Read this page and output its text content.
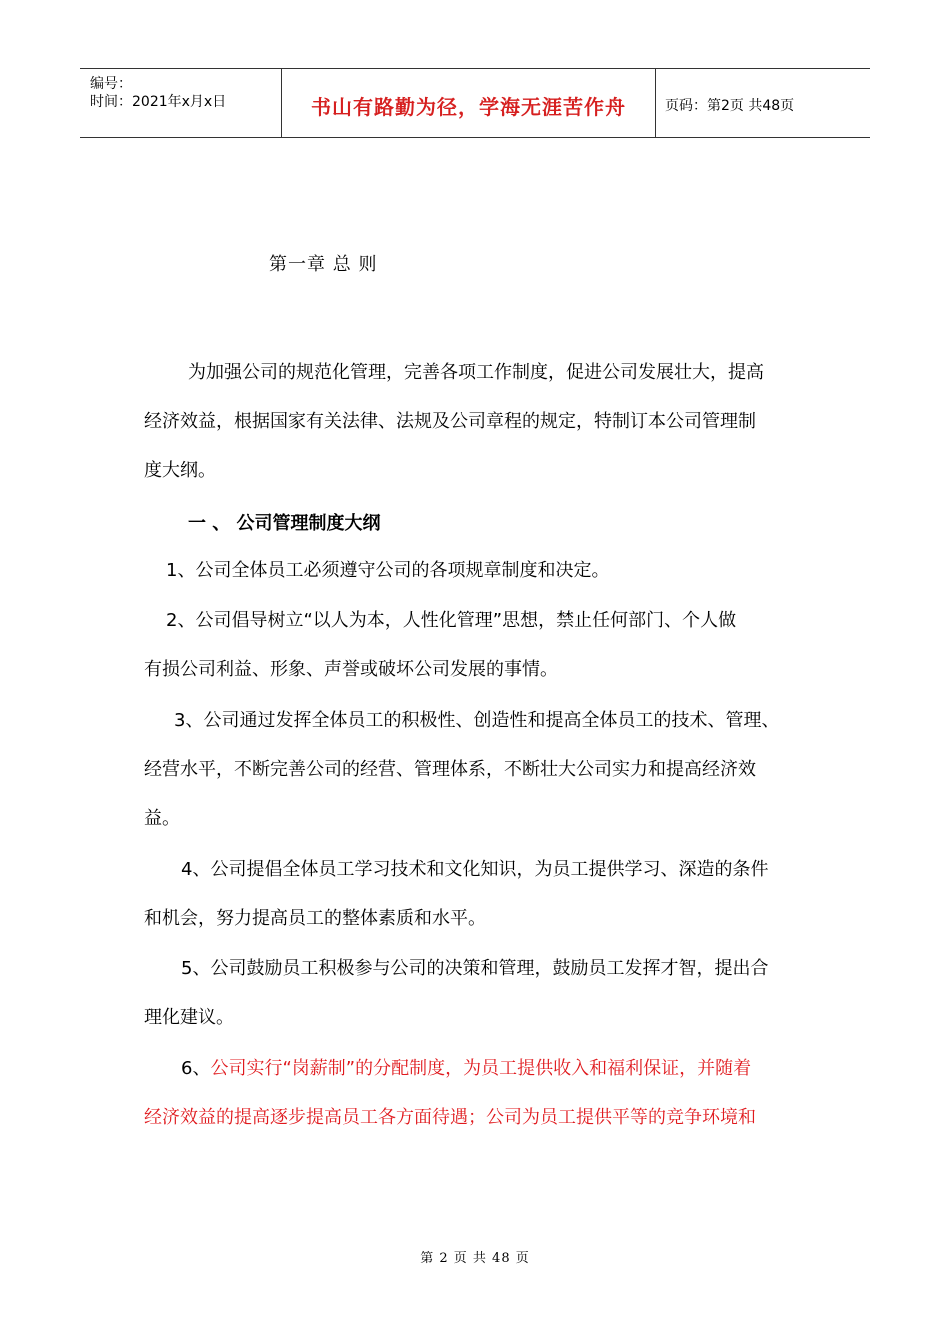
编号：
时间：2021年x月x日	书山有路勤为径，学海无涯苦作舟	页码：第2页 共48页
第一章 总 则
为加强公司的规范化管理，完善各项工作制度，促进公司发展壮大，提高
经济效益，根据国家有关法律、法规及公司章程的规定，特制订本公司管理制
度大纲。
一 、 公司管理制度大纲
1、公司全体员工必须遵守公司的各项规章制度和决定。
2、公司倡导树立“以人为本，人性化管理”思想，禁止任何部门、个人做
有损公司利益、形象、声誉或破坏公司发展的事情。
3、公司通过发挥全体员工的积极性、创造性和提高全体员工的技术、管理、
经营水平，不断完善公司的经营、管理体系，不断壮大公司实力和提高经济效
益。
4、公司提倡全体员工学习技术和文化知识，为员工提供学习、深造的条件
和机会，努力提高员工的整体素质和水平。
5、公司鼓励员工积极参与公司的决策和管理，鼓励员工发挥才智，提出合
理化建议。
6、公司实行“岗薪制”的分配制度，为员工提供收入和福利保证，并随着
经济效益的提高逐步提高员工各方面待遇；公司为员工提供平等的竞争环境和
第 2 页 共 48 页
